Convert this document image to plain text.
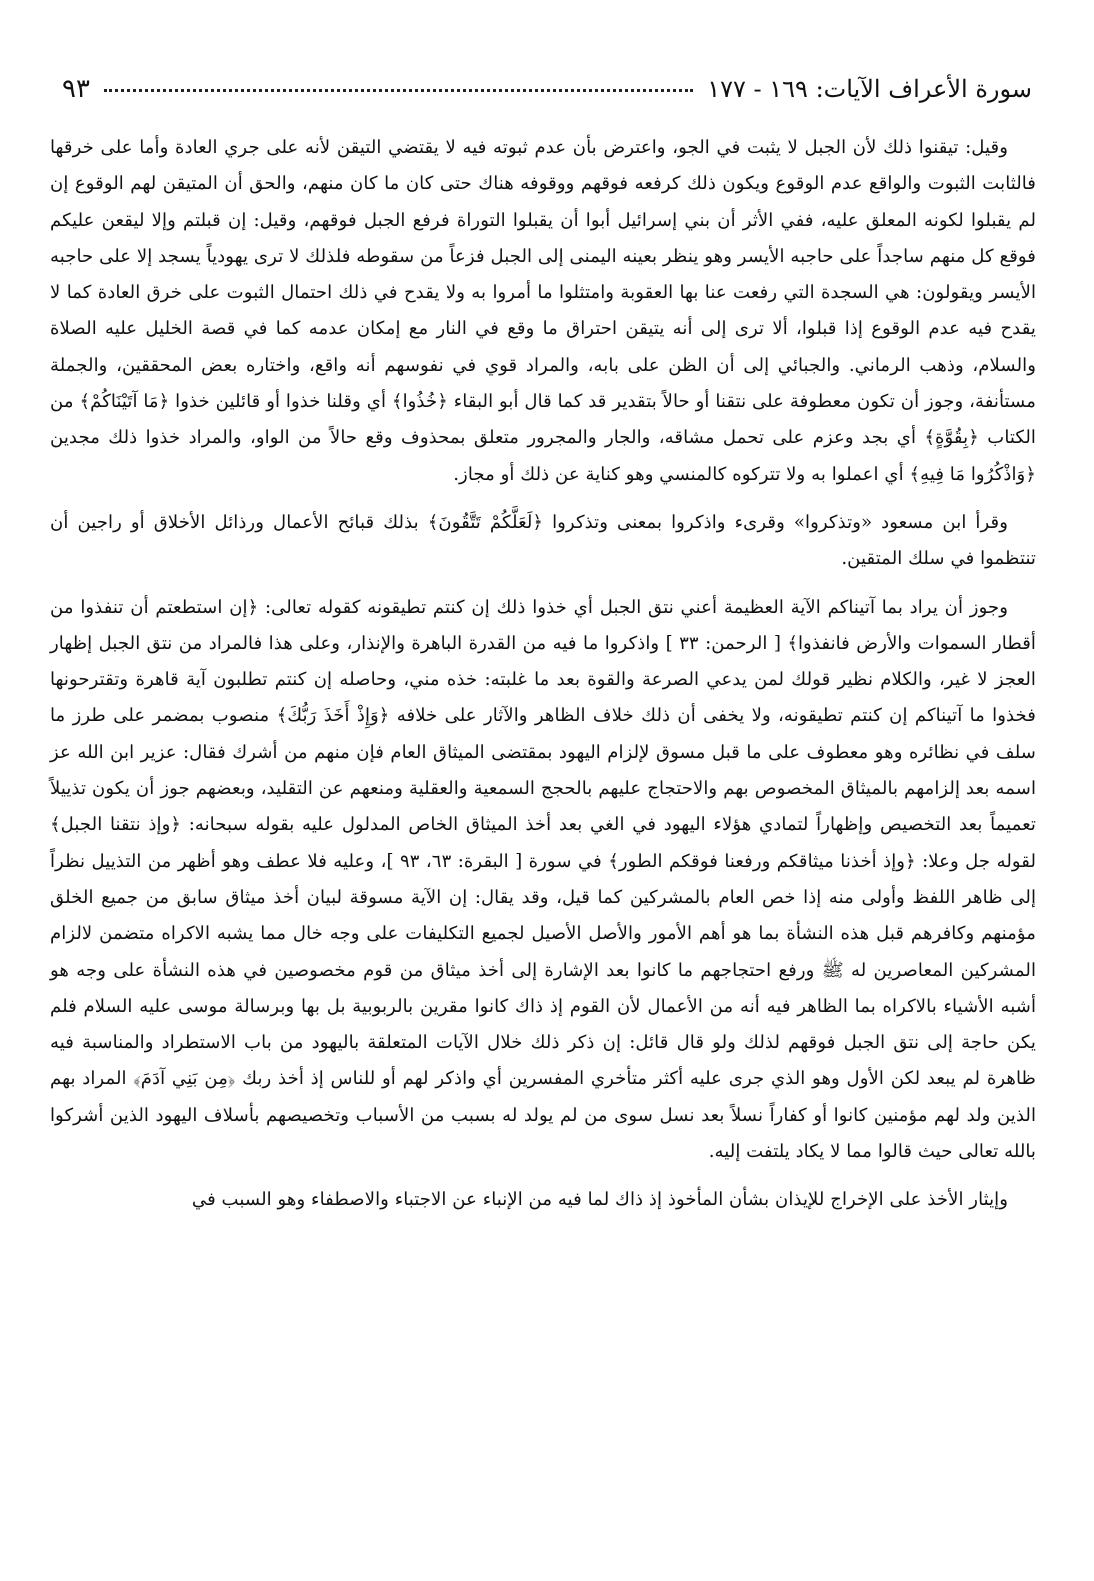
سورة الأعراف الآيات: ١٦٩ - ١٧٧
٩٣

وقيل: تيقنوا ذلك لأن الجبل لا يثبت في الجو، واعترض بأن عدم ثبوته فيه لا يقتضي التيقن لأنه على جري العادة وأما على خرقها فالثابت الثبوت والواقع عدم الوقوع ويكون ذلك كرفعه فوقهم ووقوفه هناك حتى كان ما كان منهم، والحق أن المتيقن لهم الوقوع إن لم يقبلوا لكونه المعلق عليه، ففي الأثر أن بني إسرائيل أبوا أن يقبلوا التوراة فرفع الجبل فوقهم، وقيل: إن قبلتم وإلا ليقعن عليكم فوقع كل منهم ساجداً على حاجبه الأيسر وهو ينظر بعينه اليمنى إلى الجبل فزعاً من سقوطه فلذلك لا ترى يهودياً يسجد إلا على حاجبه الأيسر ويقولون: هي السجدة التي رفعت عنا بها العقوبة وامتثلوا ما أمروا به ولا يقدح في ذلك احتمال الثبوت على خرق العادة كما لا يقدح فيه عدم الوقوع إذا قبلوا، ألا ترى إلى أنه يتيقن احتراق ما وقع في النار مع إمكان عدمه كما في قصة الخليل عليه الصلاة والسلام، وذهب الرماني. والجبائي إلى أن الظن على بابه، والمراد قوي في نفوسهم أنه واقع، واختاره بعض المحققين، والجملة مستأنفة، وجوز أن تكون معطوفة على نتقنا أو حالاً بتقدير قد كما قال أبو البقاء ﴿خُذُوا﴾ أي وقلنا خذوا أو قائلين خذوا ﴿مَا آتَيْنَاكُمْ﴾ من الكتاب ﴿بِقُوَّةٍ﴾ أي بجد وعزم على تحمل مشاقه، والجار والمجرور متعلق بمحذوف وقع حالاً من الواو، والمراد خذوا ذلك مجدين ﴿وَاذْكُرُوا مَا فِيهِ﴾ أي اعملوا به ولا تتركوه كالمنسي وهو كناية عن ذلك أو مجاز.

وقرأ ابن مسعود «وتذكروا» وقرىء واذكروا بمعنى وتذكروا ﴿لَعَلَّكُمْ تَتَّقُونَ﴾ بذلك قبائح الأعمال ورذائل الأخلاق أو راجين أن تنتظموا في سلك المتقين.

وجوز أن يراد بما آتيناكم الآية العظيمة أعني نتق الجبل أي خذوا ذلك إن كنتم تطيقونه كقوله تعالى: ﴿إن استطعتم أن تنفذوا من أقطار السموات والأرض فانفذوا﴾ [ الرحمن: ٣٣ ] واذكروا ما فيه من القدرة الباهرة والإنذار، وعلى هذا فالمراد من نتق الجبل إظهار العجز لا غير، والكلام نظير قولك لمن يدعي الصرعة والقوة بعد ما غلبته: خذه مني، وحاصله إن كنتم تطلبون آية قاهرة وتقترحونها فخذوا ما آتيناكم إن كنتم تطيقونه، ولا يخفى أن ذلك خلاف الظاهر والآثار على خلافه ﴿وَإِذْ أَخَذَ رَبُّكَ﴾ منصوب بمضمر على طرز ما سلف في نظائره وهو معطوف على ما قبل مسوق لإلزام اليهود بمقتضى الميثاق العام فإن منهم من أشرك فقال: عزير ابن الله عز اسمه بعد إلزامهم بالميثاق المخصوص بهم والاحتجاج عليهم بالحجج السمعية والعقلية ومنعهم عن التقليد، وبعضهم جوز أن يكون تذييلاً تعميماً بعد التخصيص وإظهاراً لتمادي هؤلاء اليهود في الغي بعد أخذ الميثاق الخاص المدلول عليه بقوله سبحانه: ﴿وإذ نتقنا الجبل﴾ لقوله جل وعلا: ﴿وإذ أخذنا ميثاقكم ورفعنا فوقكم الطور﴾ في سورة [ البقرة: ٦٣، ٩٣ ]، وعليه فلا عطف وهو أظهر من التذييل نظراً إلى ظاهر اللفظ وأولى منه إذا خص العام بالمشركين كما قيل، وقد يقال: إن الآية مسوقة لبيان أخذ ميثاق سابق من جميع الخلق مؤمنهم وكافرهم قبل هذه النشأة بما هو أهم الأمور والأصل الأصيل لجميع التكليفات على وجه خال مما يشبه الاكراه متضمن لالزام المشركين المعاصرين له ﷺ ورفع احتجاجهم ما كانوا بعد الإشارة إلى أخذ ميثاق من قوم مخصوصين في هذه النشأة على وجه هو أشبه الأشياء بالاكراه بما الظاهر فيه أنه من الأعمال لأن القوم إذ ذاك كانوا مقرين بالربوبية بل بها وبرسالة موسى عليه السلام فلم يكن حاجة إلى نتق الجبل فوقهم لذلك ولو قال قائل: إن ذكر ذلك خلال الآيات المتعلقة باليهود من باب الاستطراد والمناسبة فيه ظاهرة لم يبعد لكن الأول وهو الذي جرى عليه أكثر متأخري المفسرين أي واذكر لهم أو للناس إذ أخذ ربك ﴿مِن بَنِي آدَمَ﴾ المراد بهم الذين ولد لهم مؤمنين كانوا أو كفاراً نسلاً بعد نسل سوى من لم يولد له بسبب من الأسباب وتخصيصهم بأسلاف اليهود الذين أشركوا بالله تعالى حيث قالوا مما لا يكاد يلتفت إليه.

وإيثار الأخذ على الإخراج للإيذان بشأن المأخوذ إذ ذاك لما فيه من الإنباء عن الاجتباء والاصطفاء وهو السبب في
